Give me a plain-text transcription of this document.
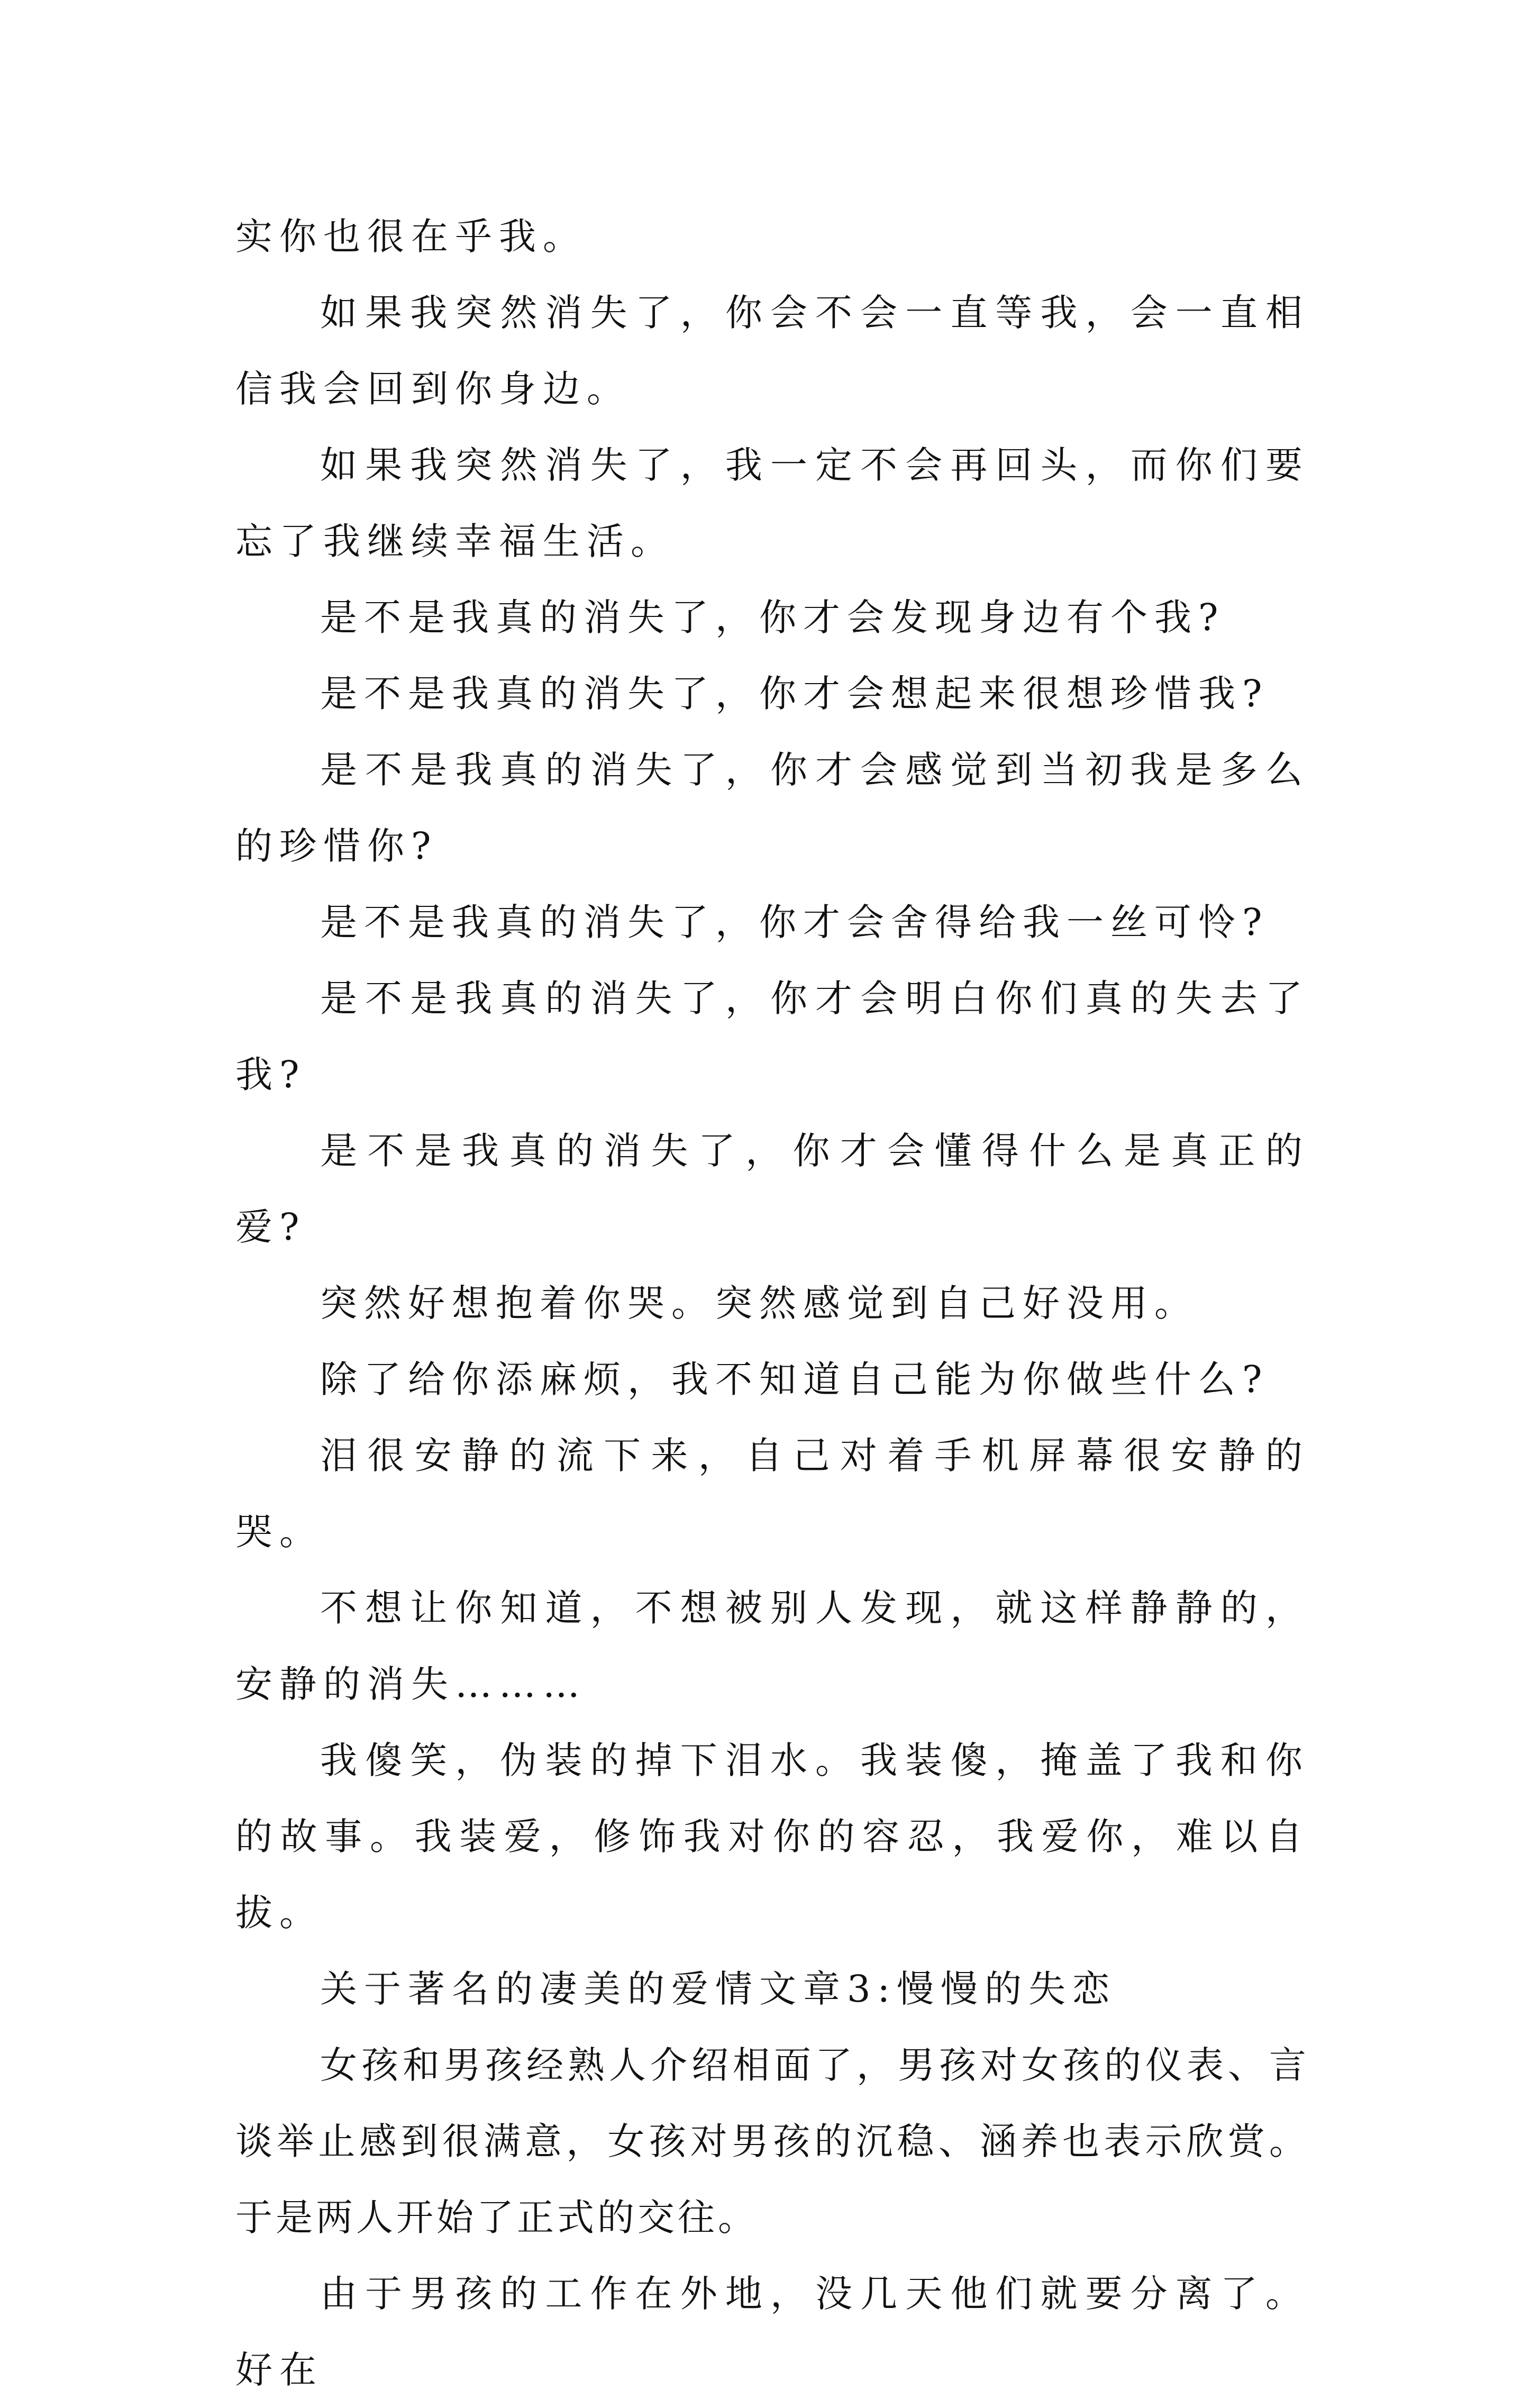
实你也很在乎我。

如果我突然消失了，你会不会一直等我，会一直相信我会回到你身边。

如果我突然消失了，我一定不会再回头，而你们要忘了我继续幸福生活。

是不是我真的消失了，你才会发现身边有个我?

是不是我真的消失了，你才会想起来很想珍惜我?

是不是我真的消失了，你才会感觉到当初我是多么的珍惜你?

是不是我真的消失了，你才会舍得给我一丝可怜?

是不是我真的消失了，你才会明白你们真的失去了我?

是不是我真的消失了，你才会懂得什么是真正的爱?

突然好想抱着你哭。突然感觉到自己好没用。

除了给你添麻烦，我不知道自己能为你做些什么?

泪很安静的流下来，自己对着手机屏幕很安静的哭。

不想让你知道，不想被别人发现，就这样静静的，安静的消失………

我傻笑，伪装的掉下泪水。我装傻，掩盖了我和你的故事。我装爱，修饰我对你的容忍，我爱你，难以自拔。

关于著名的凄美的爱情文章3:慢慢的失恋

女孩和男孩经熟人介绍相面了，男孩对女孩的仪表、言谈举止感到很满意，女孩对男孩的沉稳、涵养也表示欣赏。于是两人开始了正式的交往。

由于男孩的工作在外地，没几天他们就要分离了。好在
